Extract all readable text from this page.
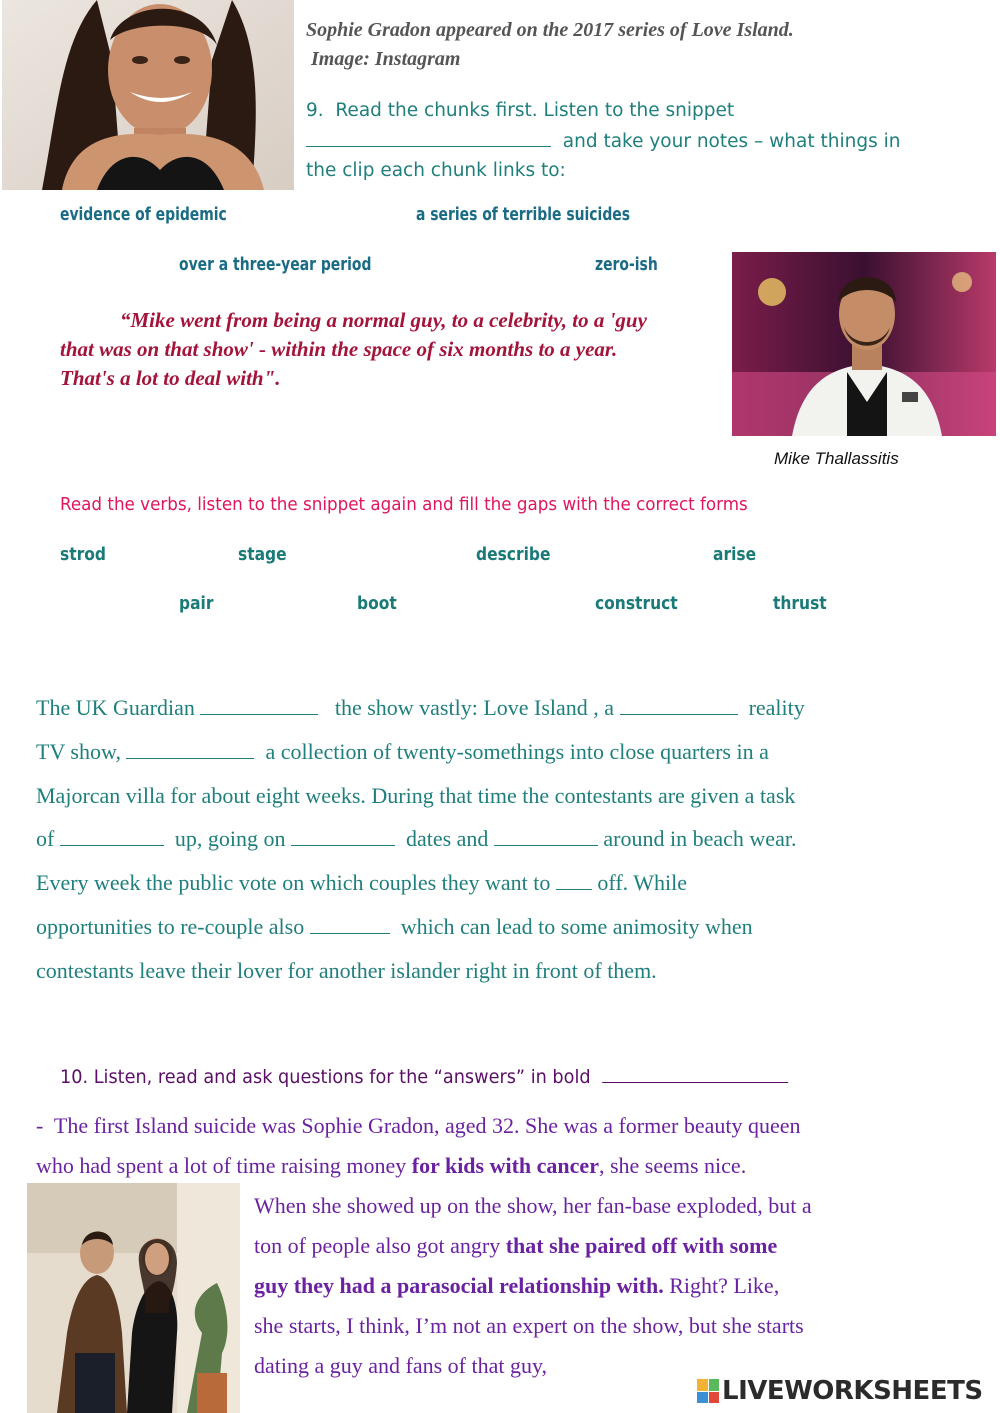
Sophie Gradon appeared on the 2017 series of Love Island.
Image: Instagram
9.  Read the chunks first. Listen to the snippet
and take your notes – what things in
the clip each chunk links to:
evidence of epidemic	a series of terrible suicides
over a three-year period	zero-ish
“Mike went from being a normal guy, to a celebrity, to a 'guy
that was on that show' - within the space of six months to a year.
That's a lot to deal with".
Mike Thallassitis
Read the verbs, listen to the snippet again and fill the gaps with the correct forms
strod	stage	describe	arise
pair	boot	construct	thrust
The UK Guardian	the show vastly: Love Island , a	reality
TV show,	a collection of twenty-somethings into close quarters in a
Majorcan villa for about eight weeks. During that time the contestants are given a task
of	up, going on	dates and	around in beach wear.
Every week the public vote on which couples they want to  off. While
opportunities to re-couple also	which can lead to some animosity when
contestants leave their lover for another islander right in front of them.
10. Listen, read and ask questions for the “answers” in bold
-  The first Island suicide was Sophie Gradon, aged 32. She was a former beauty queen
who had spent a lot of time raising money for kids with cancer, she seems nice.
When she showed up on the show, her fan-base exploded, but a
ton of people also got angry that she paired off with some
guy they had a parasocial relationship with. Right? Like,
she starts, I think, I’m not an expert on the show, but she starts
dating a guy and fans of that guy,
LIVEWORKSHEETS
